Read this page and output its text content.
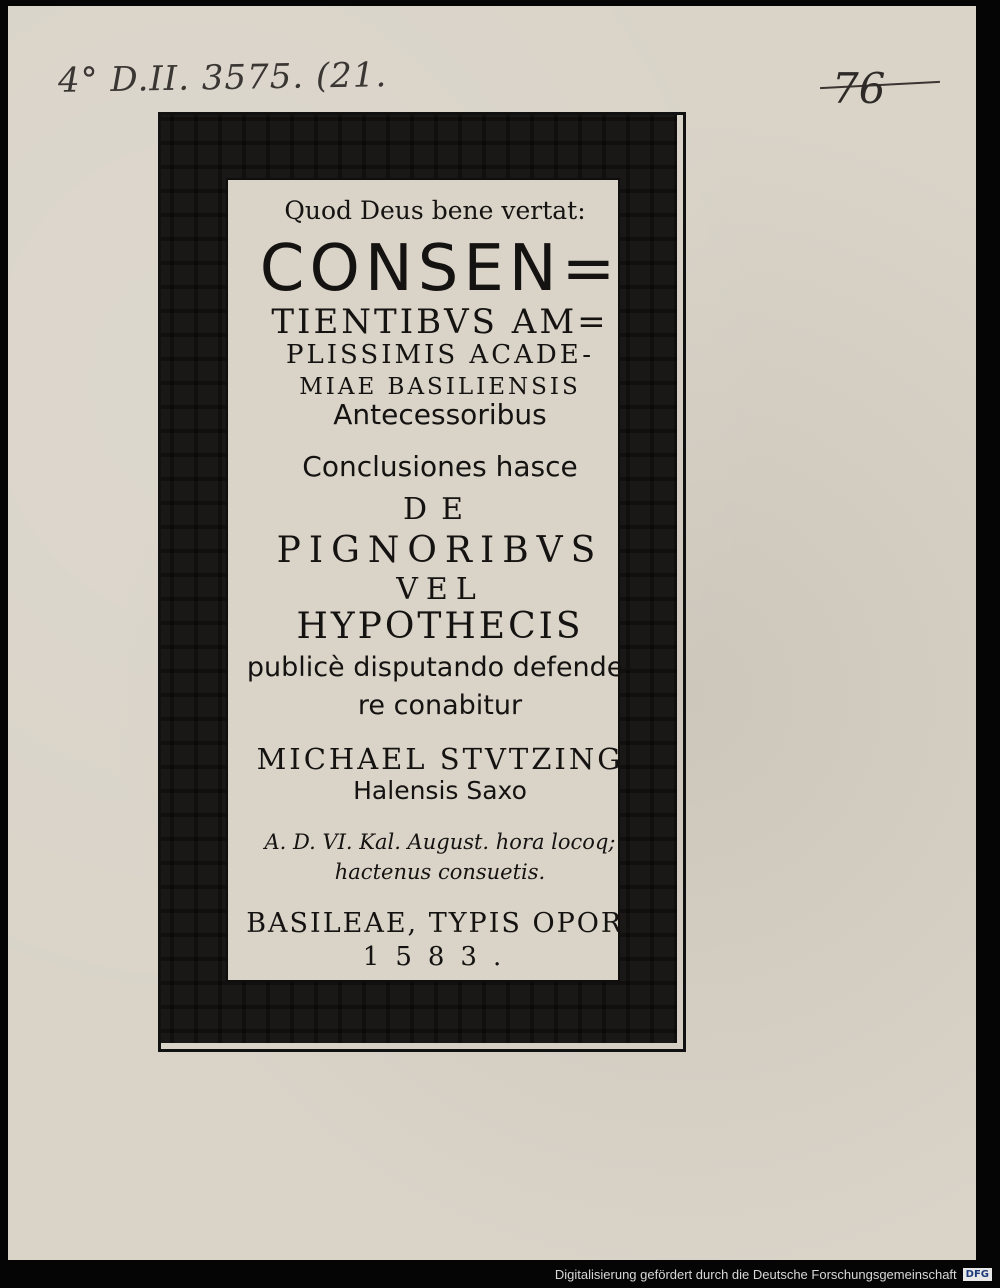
4° D.II. 3575. (21.	76
Quod Deus bene vertat:
CONSEN=
TIENTIBVS AM=
PLISSIMIS ACADE-
MIAE BASILIENSIS
Antecessoribus
Conclusiones hasce
DE
PIGNORIBVS
VEL
HYPOTHECIS
publicè disputando defende-
re conabitur
MICHAEL STVTZING
Halensis Saxo
A. D. VI. Kal. August. hora locoq;
hactenus consuetis.
BASILEAE, TYPIS OPOR.
1583.
Digitalisierung gefördert durch die Deutsche Forschungsgemeinschaft DFG
